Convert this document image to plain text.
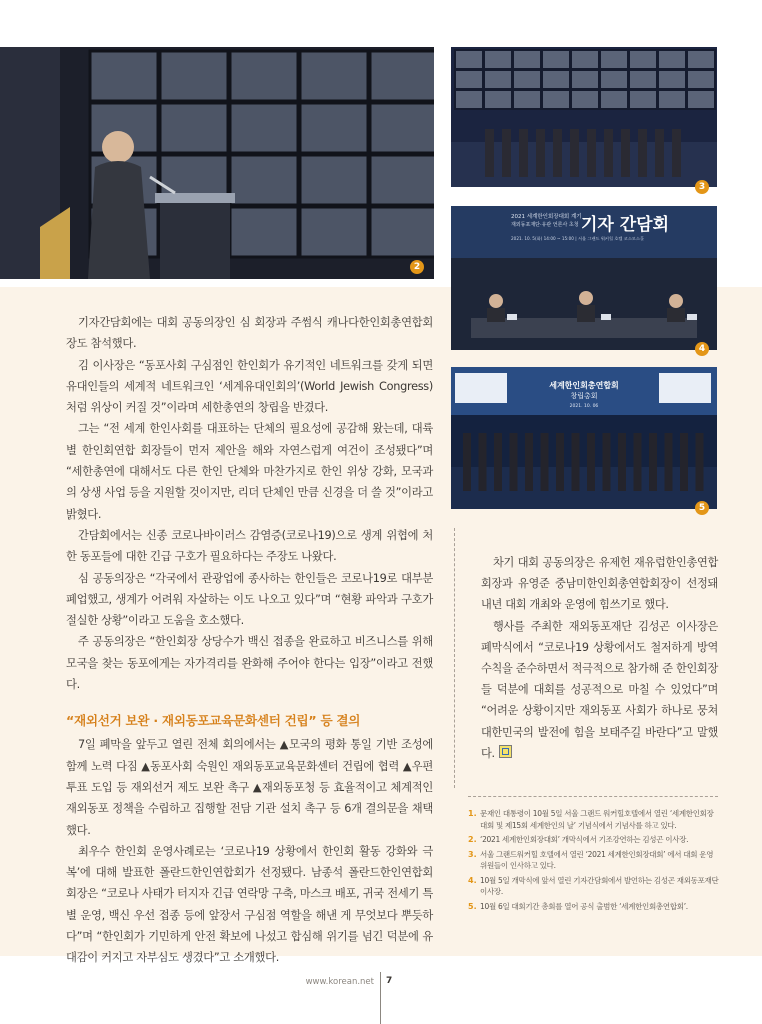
2
3
2021 세계한인회장대회 계기
재외동포재단·유관 언론사 초청 기자 간담회
2021. 10. 5(화) 14:00 ~ 15:00 | 서울 그랜드 워커힐 호텔 코스모스홀
4
세계한인회총연합회
창립총회
2021. 10. 06
5

기자간담회에는 대회 공동의장인 심 회장과 주썸식 캐나다한인회총연합회장도 참석했다.

김 이사장은 “동포사회 구심점인 한인회가 유기적인 네트워크를 갖게 되면 유대인들의 세계적 네트워크인 ‘세계유대인회의’(World Jewish Congress)처럼 위상이 커질 것”이라며 세한총연의 창립을 반겼다.

그는 “전 세계 한인사회를 대표하는 단체의 필요성에 공감해 왔는데, 대륙별 한인회연합 회장들이 먼저 제안을 해와 자연스럽게 여건이 조성됐다”며 “세한총연에 대해서도 다른 한인 단체와 마찬가지로 한인 위상 강화, 모국과의 상생 사업 등을 지원할 것이지만, 리더 단체인 만큼 신경을 더 쓸 것”이라고 밝혔다.

간담회에서는 신종 코로나바이러스 감염증(코로나19)으로 생계 위협에 처한 동포들에 대한 긴급 구호가 필요하다는 주장도 나왔다.

심 공동의장은 “각국에서 관광업에 종사하는 한인들은 코로나19로 대부분 폐업했고, 생계가 어려워 자살하는 이도 나오고 있다”며 “현황 파악과 구호가 절실한 상황”이라고 도움을 호소했다.

주 공동의장은 “한인회장 상당수가 백신 접종을 완료하고 비즈니스를 위해 모국을 찾는 동포에게는 자가격리를 완화해 주어야 한다는 입장”이라고 전했다.

“재외선거 보완 · 재외동포교육문화센터 건립” 등 결의

7일 폐막을 앞두고 열린 전체 회의에서는 ▲모국의 평화 통일 기반 조성에 함께 노력 다짐 ▲동포사회 숙원인 재외동포교육문화센터 건립에 협력 ▲우편투표 도입 등 재외선거 제도 보완 촉구 ▲재외동포청 등 효율적이고 체계적인 재외동포 정책을 수립하고 집행할 전담 기관 설치 촉구 등 6개 결의문을 채택했다.

최우수 한인회 운영사례로는 ‘코로나19 상황에서 한인회 활동 강화와 극복’에 대해 발표한 폴란드한인연합회가 선정됐다. 남종석 폴란드한인연합회 회장은 “코로나 사태가 터지자 긴급 연락망 구축, 마스크 배포, 귀국 전세기 특별 운영, 백신 우선 접종 등에 앞장서 구심점 역할을 해낸 게 무엇보다 뿌듯하다”며 “한인회가 기민하게 안전 확보에 나섰고 합심해 위기를 넘긴 덕분에 유대감이 커지고 자부심도 생겼다”고 소개했다.

차기 대회 공동의장은 유제헌 재유럽한인총연합회장과 유영준 중남미한인회총연합회장이 선정돼 내년 대회 개최와 운영에 힘쓰기로 했다.

행사를 주최한 재외동포재단 김성곤 이사장은 폐막식에서 “코로나19 상황에서도 철저하게 방역 수칙을 준수하면서 적극적으로 참가해 준 한인회장들 덕분에 대회를 성공적으로 마칠 수 있었다”며 “어려운 상황이지만 재외동포 사회가 하나로 뭉쳐 대한민국의 발전에 힘을 보태주길 바란다”고 말했다.

1. 문재인 대통령이 10월 5일 서울 그랜드 워커힐호텔에서 열린 ‘세계한인회장대회 및 제15회 세계한인의 날’ 기념식에서 기념사를 하고 있다.
2. ‘2021 세계한인회장대회’ 개막식에서 기조강연하는 김성곤 이사장.
3. 서울 그랜드워커힐 호텔에서 열린 ‘2021 세계한인회장대회’ 에서 대회 운영위원들이 인사하고 있다.
4. 10월 5일 개막식에 앞서 열린 기자간담회에서 발언하는 김성곤 재외동포재단 이사장.
5. 10월 6일 대회기간 총회를 열어 공식 출범한 ‘세계한인회총연합회’.
www.korean.net 7
